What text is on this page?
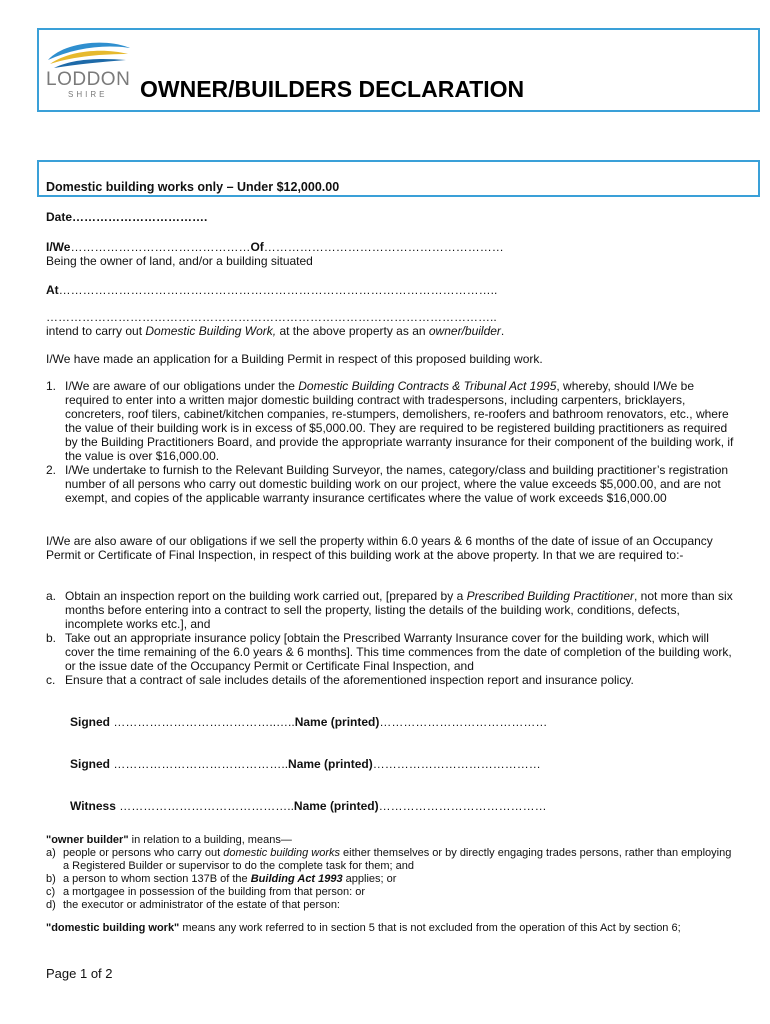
LODDON
SHIRE OWNER/BUILDERS DECLARATION
Domestic building works only – Under $12,000.00
Date…………………………….
I/We………………………………………Of……………………………………………………
Being the owner of land, and/or a building situated
At………………………………………………………………………………………………..
…………………………………………………………………………………………………..
intend to carry out Domestic Building Work, at the above property as an owner/builder.
I/We have made an application for a Building Permit in respect of this proposed building work.
1. I/We are aware of our obligations under the Domestic Building Contracts & Tribunal Act 1995, whereby, should I/We be required to enter into a written major domestic building contract with tradespersons, including carpenters, bricklayers, concreters, roof tilers, cabinet/kitchen companies, re-stumpers, demolishers, re-roofers and bathroom renovators, etc., where the value of their building work is in excess of $5,000.00. They are required to be registered building practitioners as required by the Building Practitioners Board, and provide the appropriate warranty insurance for their component of the building work, if the value is over $16,000.00.
2. I/We undertake to furnish to the Relevant Building Surveyor, the names, category/class and building practitioner’s registration number of all persons who carry out domestic building work on our project, where the value exceeds $5,000.00, and are not exempt, and copies of the applicable warranty insurance certificates where the value of work exceeds $16,000.00
I/We are also aware of our obligations if we sell the property within 6.0 years & 6 months of the date of issue of an Occupancy Permit or Certificate of Final Inspection, in respect of this building work at the above property. In that we are required to:-
a. Obtain an inspection report on the building work carried out, [prepared by a Prescribed Building Practitioner, not more than six months before entering into a contract to sell the property, listing the details of the building work, conditions, defects, incomplete works etc.], and
b. Take out an appropriate insurance policy [obtain the Prescribed Warranty Insurance cover for the building work, which will cover the time remaining of the 6.0 years & 6 months]. This time commences from the date of completion of the building work, or the issue date of the Occupancy Permit or Certificate Final Inspection, and
c. Ensure that a contract of sale includes details of the aforementioned inspection report and insurance policy.
Signed …………………………………..…..Name (printed)……………………………………
Signed ……………………………………..Name (printed)……………………………………
Witness ……………………………………..Name (printed)……………………………………
"owner builder" in relation to a building, means—
a) people or persons who carry out domestic building works either themselves or by directly engaging trades persons, rather than employing a Registered Builder or supervisor to do the complete task for them; and
b) a person to whom section 137B of the Building Act 1993 applies; or
c) a mortgagee in possession of the building from that person: or
d) the executor or administrator of the estate of that person:
"domestic building work" means any work referred to in section 5 that is not excluded from the operation of this Act by section 6;
Page 1 of 2
